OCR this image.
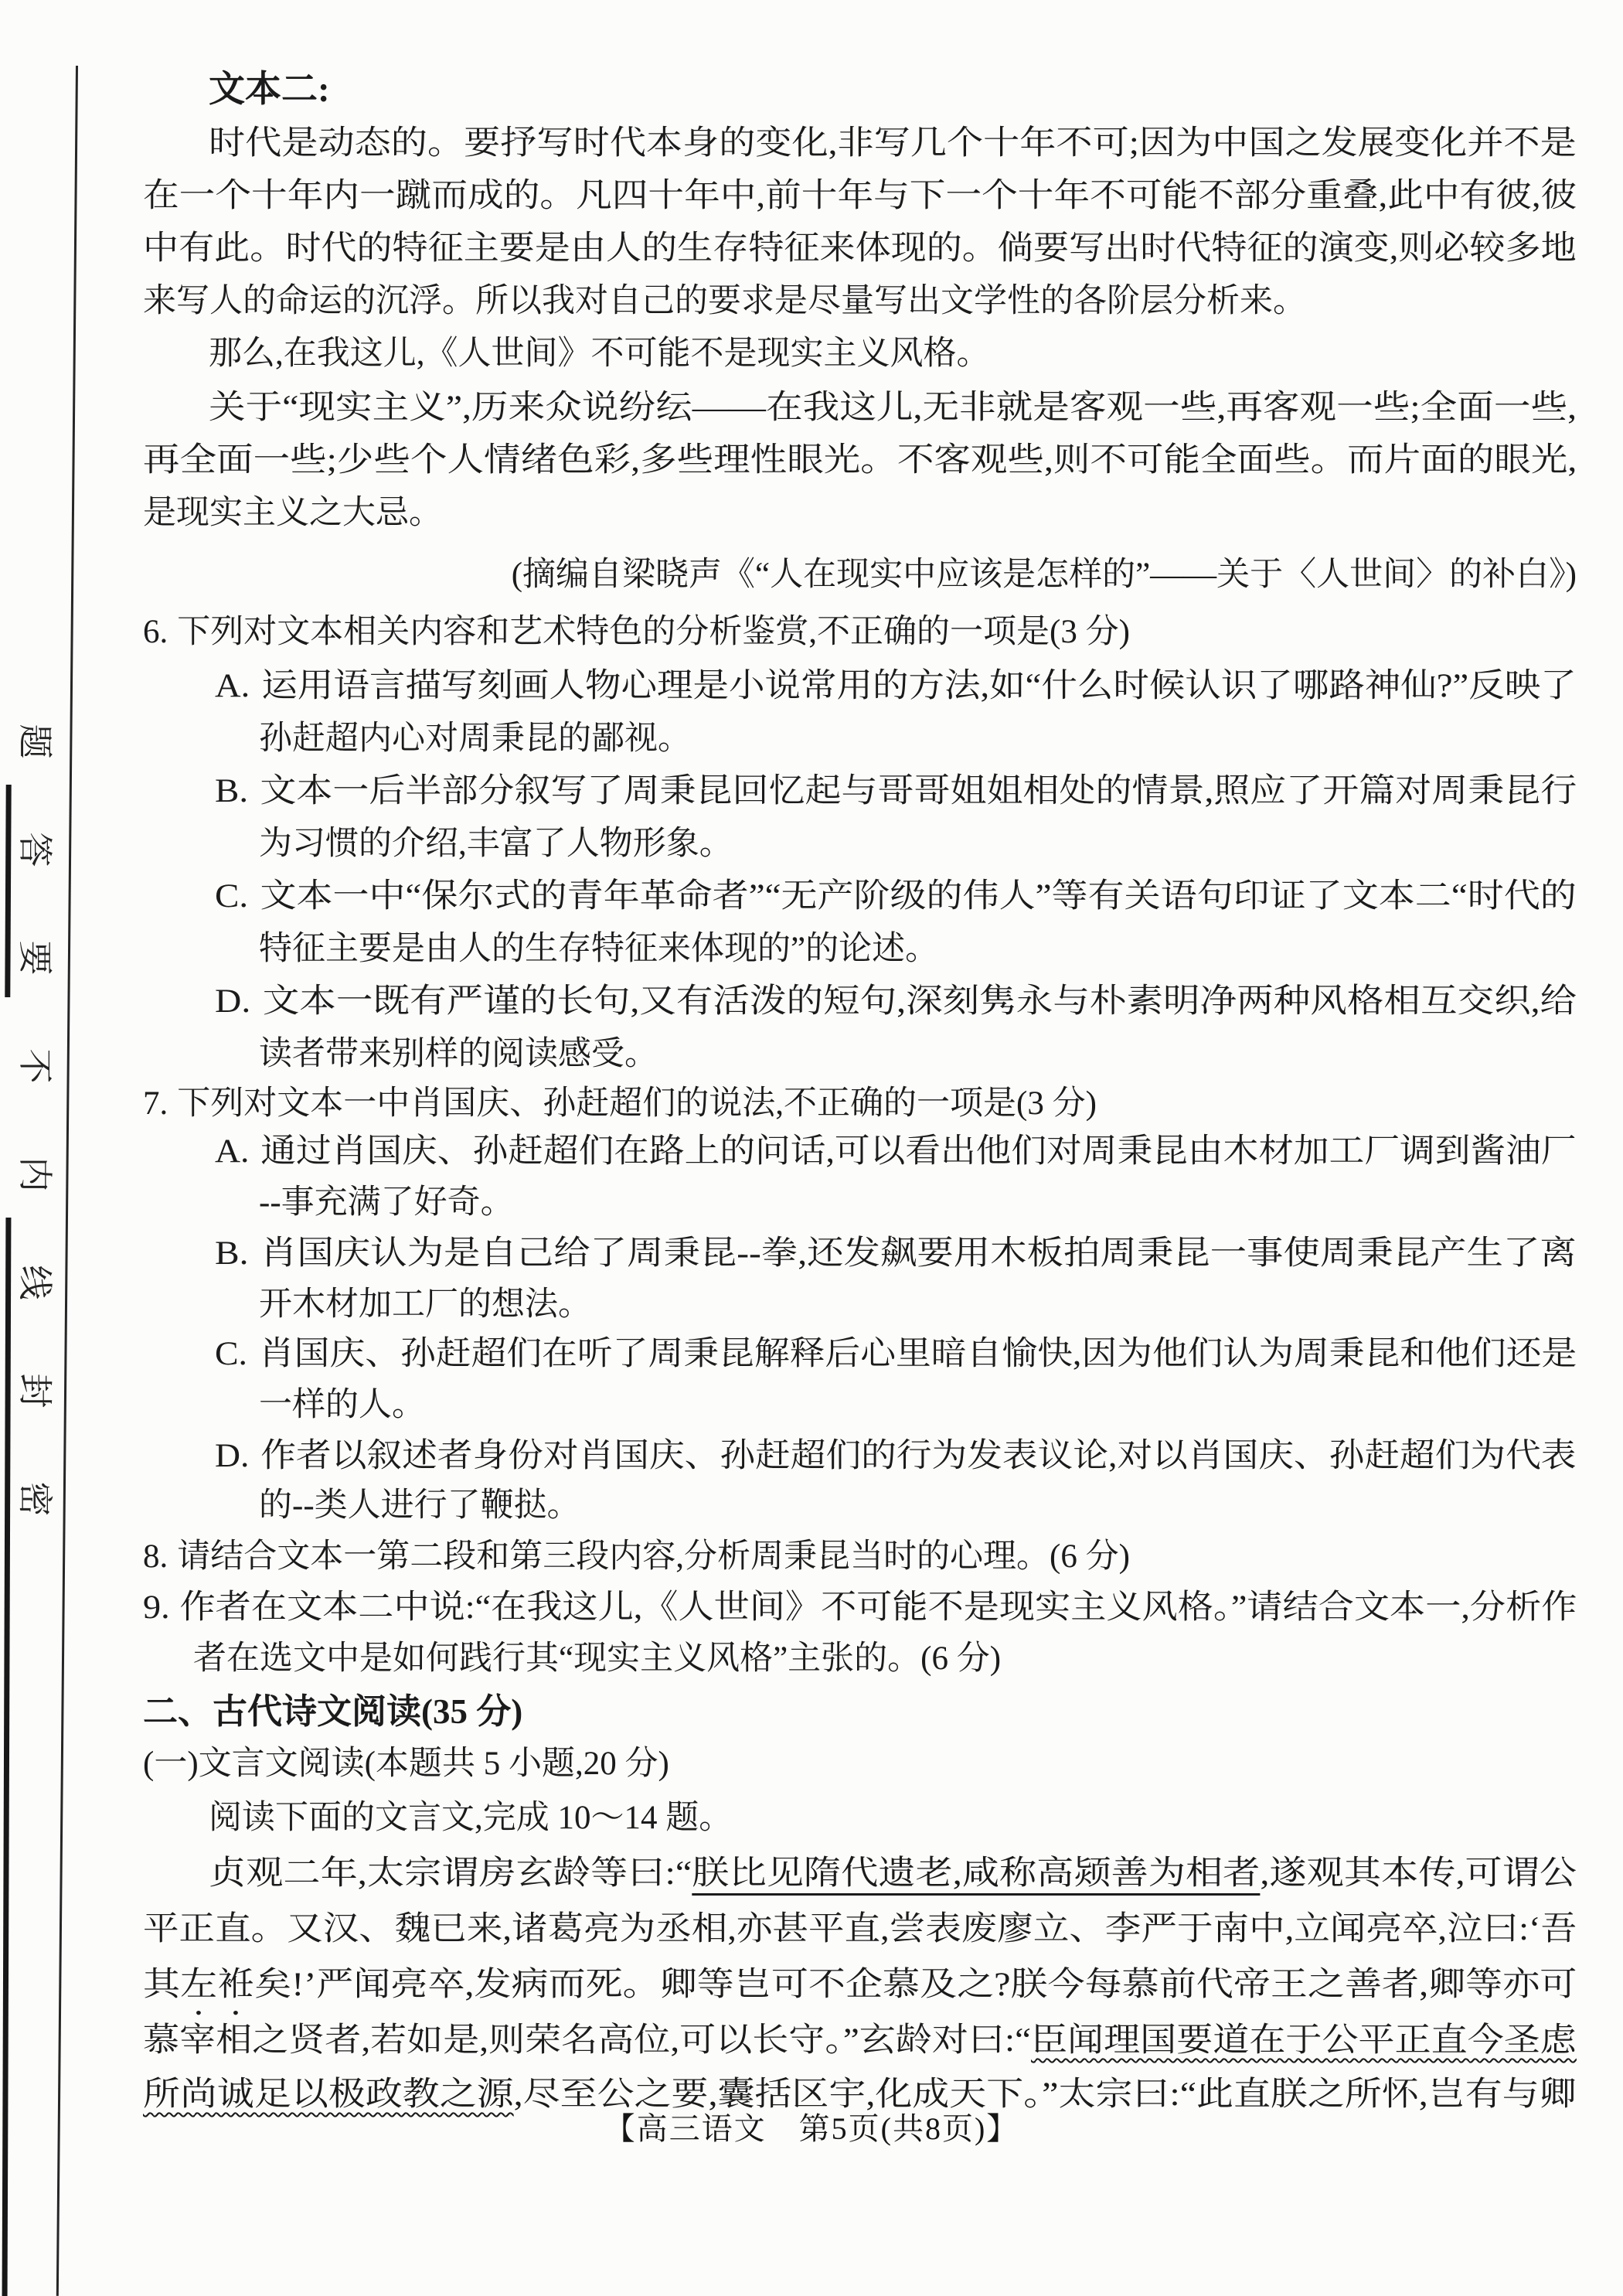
题
答
要
不
内
线
封
密
文本二:
时代是动态的。要抒写时代本身的变化,非写几个十年不可;因为中国之发展变化并不是
在一个十年内一蹴而成的。凡四十年中,前十年与下一个十年不可能不部分重叠,此中有彼,彼
中有此。时代的特征主要是由人的生存特征来体现的。倘要写出时代特征的演变,则必较多地
来写人的命运的沉浮。所以我对自己的要求是尽量写出文学性的各阶层分析来。
那么,在我这儿,《人世间》不可能不是现实主义风格。
关于“现实主义”,历来众说纷纭——在我这儿,无非就是客观一些,再客观一些;全面一些,
再全面一些;少些个人情绪色彩,多些理性眼光。不客观些,则不可能全面些。而片面的眼光,
是现实主义之大忌。
(摘编自梁晓声《“人在现实中应该是怎样的”——关于〈人世间〉的补白》)
6. 下列对文本相关内容和艺术特色的分析鉴赏,不正确的一项是(3 分)
A. 运用语言描写刻画人物心理是小说常用的方法,如“什么时候认识了哪路神仙?”反映了
孙赶超内心对周秉昆的鄙视。
B. 文本一后半部分叙写了周秉昆回忆起与哥哥姐姐相处的情景,照应了开篇对周秉昆行
为习惯的介绍,丰富了人物形象。
C. 文本一中“保尔式的青年革命者”“无产阶级的伟人”等有关语句印证了文本二“时代的
特征主要是由人的生存特征来体现的”的论述。
D. 文本一既有严谨的长句,又有活泼的短句,深刻隽永与朴素明净两种风格相互交织,给
读者带来别样的阅读感受。
7. 下列对文本一中肖国庆、孙赶超们的说法,不正确的一项是(3 分)
A. 通过肖国庆、孙赶超们在路上的问话,可以看出他们对周秉昆由木材加工厂调到酱油厂
--事充满了好奇。
B. 肖国庆认为是自己给了周秉昆--拳,还发飙要用木板拍周秉昆一事使周秉昆产生了离
开木材加工厂的想法。
C. 肖国庆、孙赶超们在听了周秉昆解释后心里暗自愉快,因为他们认为周秉昆和他们还是
一样的人。
D. 作者以叙述者身份对肖国庆、孙赶超们的行为发表议论,对以肖国庆、孙赶超们为代表
的--类人进行了鞭挞。
8. 请结合文本一第二段和第三段内容,分析周秉昆当时的心理。(6 分)
9. 作者在文本二中说:“在我这儿,《人世间》不可能不是现实主义风格。”请结合文本一,分析作
者在选文中是如何践行其“现实主义风格”主张的。(6 分)
二、古代诗文阅读(35 分)
(一)文言文阅读(本题共 5 小题,20 分)
阅读下面的文言文,完成 10～14 题。
贞观二年,太宗谓房玄龄等曰:“朕比见隋代遗老,咸称高颎善为相者,遂观其本传,可谓公
平正直。又汉、魏已来,诸葛亮为丞相,亦甚平直,尝表废廖立、李严于南中,立闻亮卒,泣曰:‘吾
其左袵矣!’严闻亮卒,发病而死。卿等岂可不企慕及之?朕今每慕前代帝王之善者,卿等亦可
慕宰相之贤者,若如是,则荣名高位,可以长守。”玄龄对曰:“臣闻理国要道在于公平正直今圣虑
所尚诚足以极政教之源,尽至公之要,囊括区宇,化成天下。”太宗曰:“此直朕之所怀,岂有与卿
【高三语文　第5页(共8页)】
